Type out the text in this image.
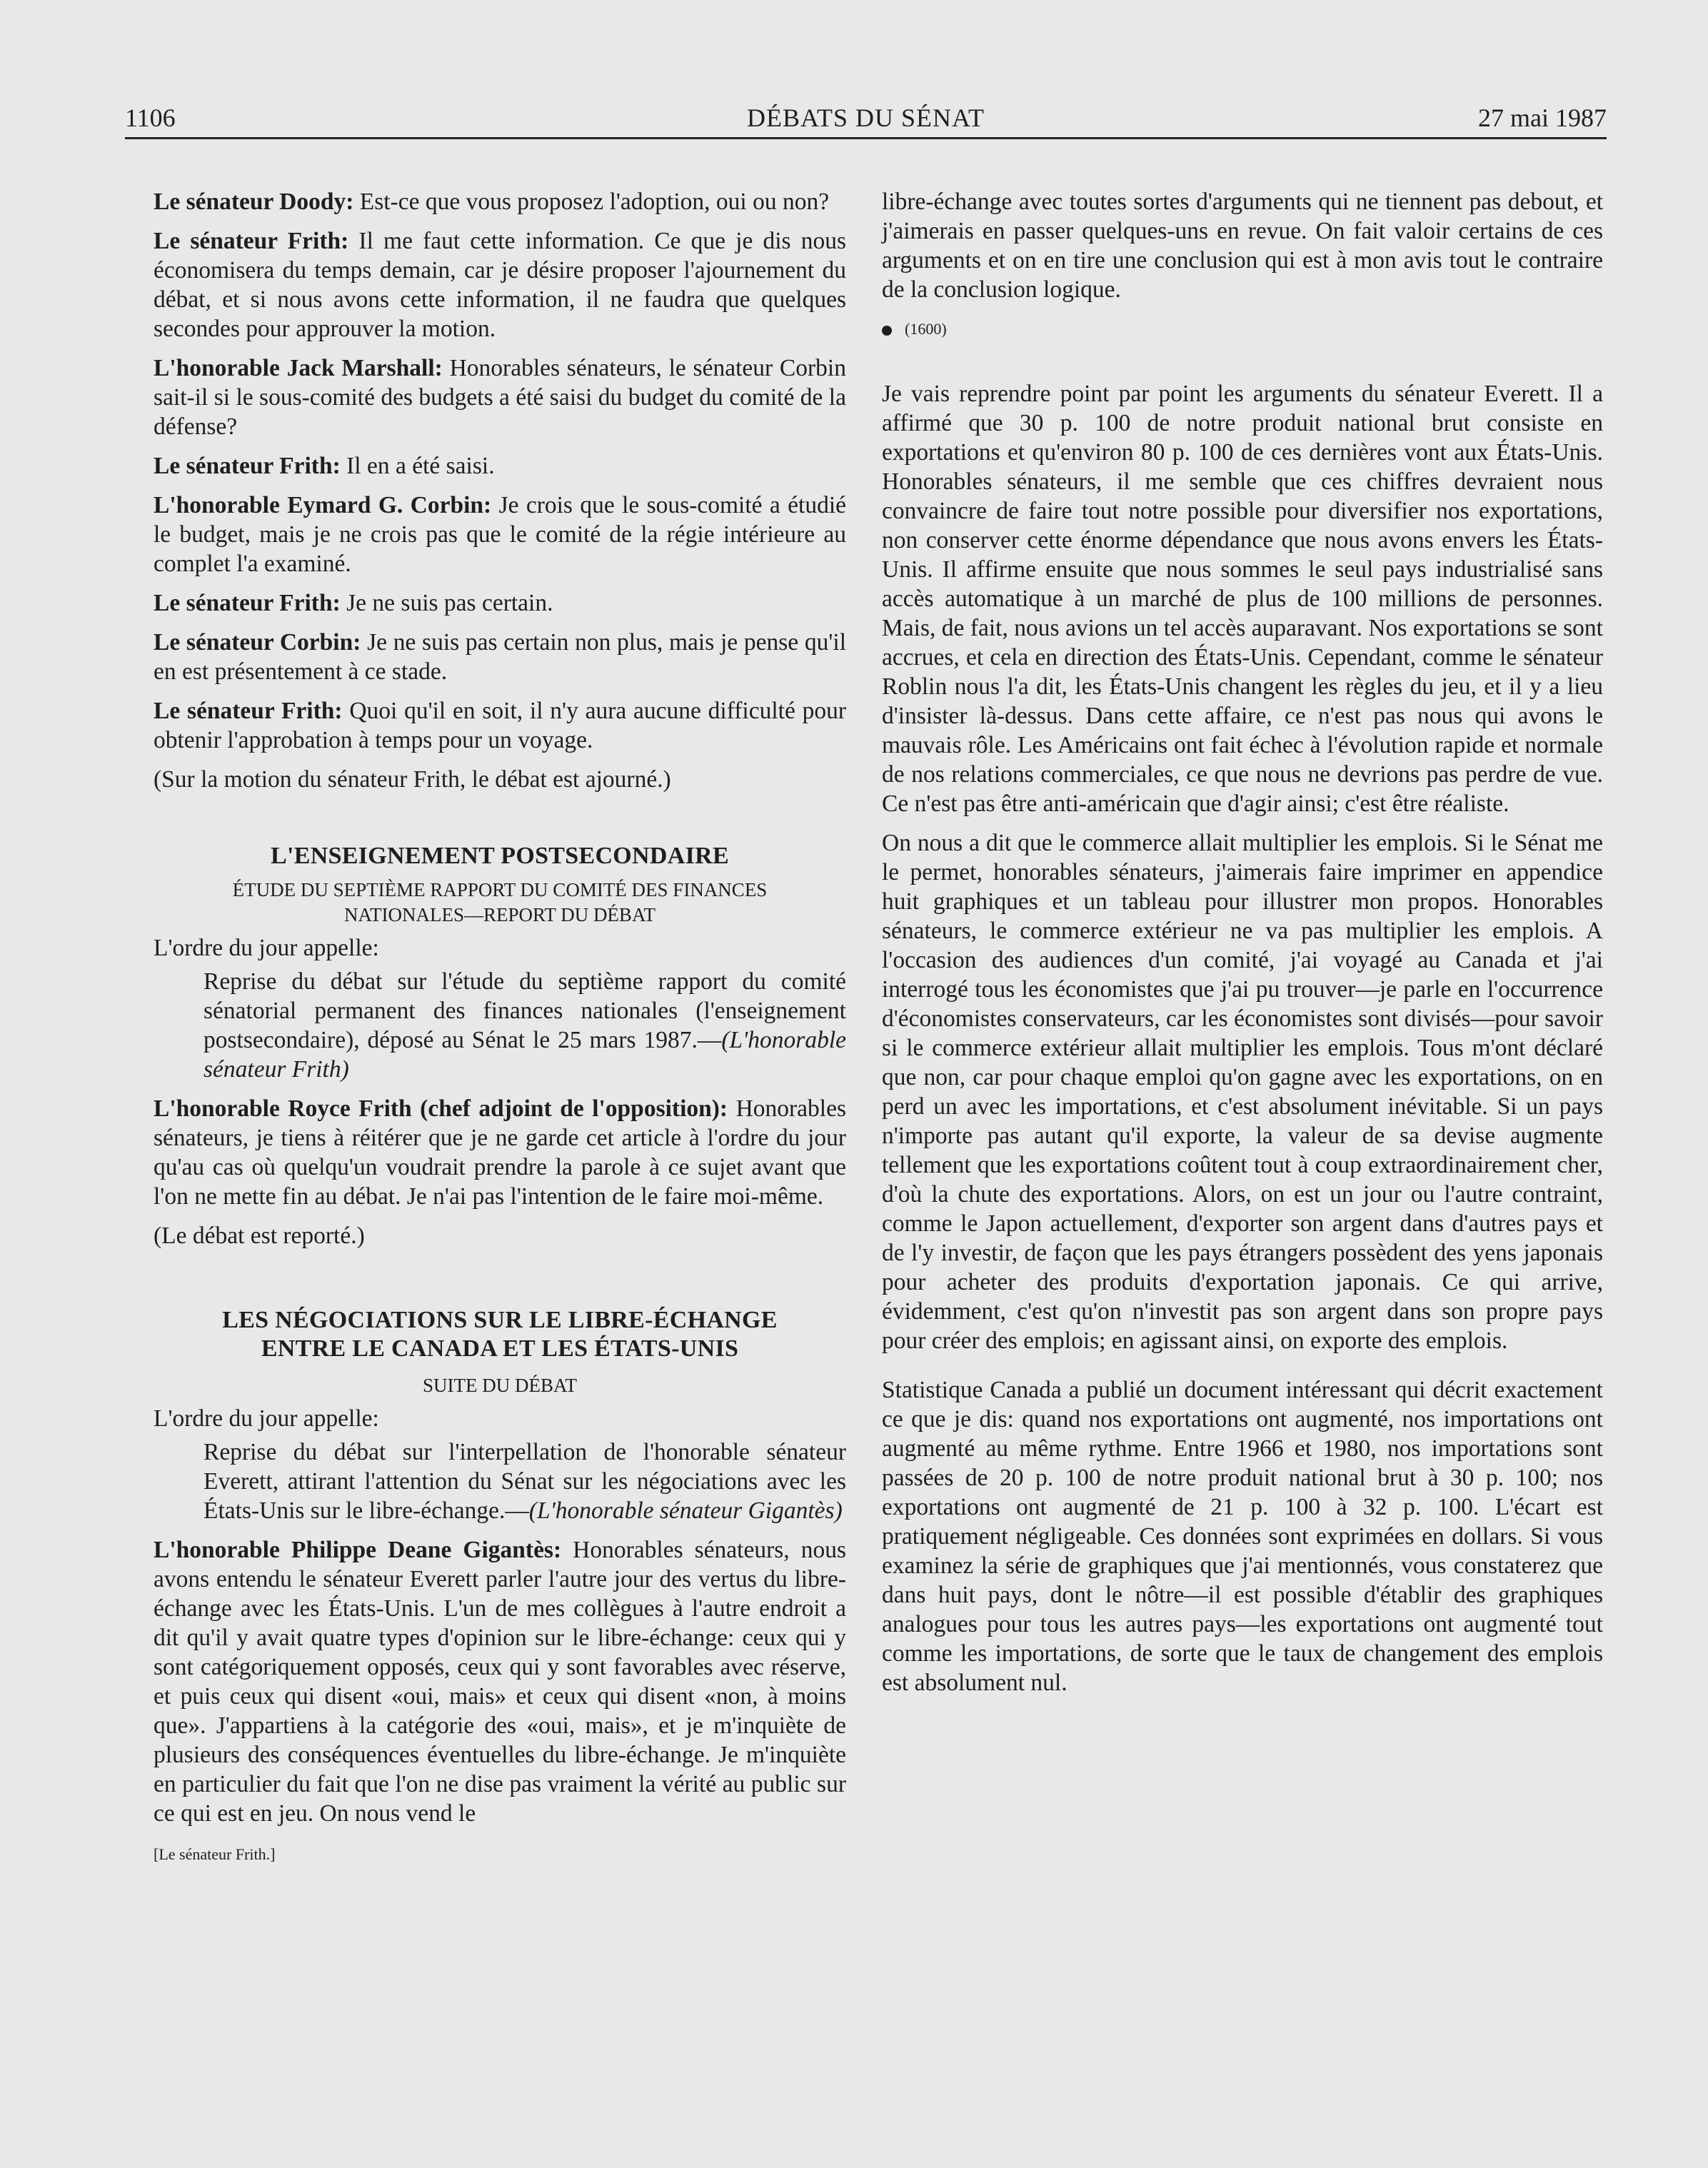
1106	DÉBATS DU SÉNAT	27 mai 1987

Le sénateur Doody: Est-ce que vous proposez l'adoption, oui ou non?

Le sénateur Frith: Il me faut cette information. Ce que je dis nous économisera du temps demain, car je désire proposer l'ajournement du débat, et si nous avons cette information, il ne faudra que quelques secondes pour approuver la motion.

L'honorable Jack Marshall: Honorables sénateurs, le sénateur Corbin sait-il si le sous-comité des budgets a été saisi du budget du comité de la défense?

Le sénateur Frith: Il en a été saisi.

L'honorable Eymard G. Corbin: Je crois que le sous-comité a étudié le budget, mais je ne crois pas que le comité de la régie intérieure au complet l'a examiné.

Le sénateur Frith: Je ne suis pas certain.

Le sénateur Corbin: Je ne suis pas certain non plus, mais je pense qu'il en est présentement à ce stade.

Le sénateur Frith: Quoi qu'il en soit, il n'y aura aucune difficulté pour obtenir l'approbation à temps pour un voyage.

(Sur la motion du sénateur Frith, le débat est ajourné.)

L'ENSEIGNEMENT POSTSECONDAIRE
ÉTUDE DU SEPTIÈME RAPPORT DU COMITÉ DES FINANCES NATIONALES—REPORT DU DÉBAT

L'ordre du jour appelle:

Reprise du débat sur l'étude du septième rapport du comité sénatorial permanent des finances nationales (l'enseignement postsecondaire), déposé au Sénat le 25 mars 1987.—(L'honorable sénateur Frith)

L'honorable Royce Frith (chef adjoint de l'opposition): Honorables sénateurs, je tiens à réitérer que je ne garde cet article à l'ordre du jour qu'au cas où quelqu'un voudrait prendre la parole à ce sujet avant que l'on ne mette fin au débat. Je n'ai pas l'intention de le faire moi-même.

(Le débat est reporté.)

LES NÉGOCIATIONS SUR LE LIBRE-ÉCHANGE
ENTRE LE CANADA ET LES ÉTATS-UNIS
SUITE DU DÉBAT

L'ordre du jour appelle:

Reprise du débat sur l'interpellation de l'honorable sénateur Everett, attirant l'attention du Sénat sur les négociations avec les États-Unis sur le libre-échange.—(L'honorable sénateur Gigantès)

L'honorable Philippe Deane Gigantès: Honorables sénateurs, nous avons entendu le sénateur Everett parler l'autre jour des vertus du libre-échange avec les États-Unis. L'un de mes collègues à l'autre endroit a dit qu'il y avait quatre types d'opinion sur le libre-échange: ceux qui y sont catégoriquement opposés, ceux qui y sont favorables avec réserve, et puis ceux qui disent «oui, mais» et ceux qui disent «non, à moins que». J'appartiens à la catégorie des «oui, mais», et je m'inquiète de plusieurs des conséquences éventuelles du libre-échange. Je m'inquiète en particulier du fait que l'on ne dise pas vraiment la vérité au public sur ce qui est en jeu. On nous vend le

[Le sénateur Frith.]

libre-échange avec toutes sortes d'arguments qui ne tiennent pas debout, et j'aimerais en passer quelques-uns en revue. On fait valoir certains de ces arguments et on en tire une conclusion qui est à mon avis tout le contraire de la conclusion logique.

(1600)

Je vais reprendre point par point les arguments du sénateur Everett. Il a affirmé que 30 p. 100 de notre produit national brut consiste en exportations et qu'environ 80 p. 100 de ces dernières vont aux États-Unis. Honorables sénateurs, il me semble que ces chiffres devraient nous convaincre de faire tout notre possible pour diversifier nos exportations, non conserver cette énorme dépendance que nous avons envers les États-Unis. Il affirme ensuite que nous sommes le seul pays industrialisé sans accès automatique à un marché de plus de 100 millions de personnes. Mais, de fait, nous avions un tel accès auparavant. Nos exportations se sont accrues, et cela en direction des États-Unis. Cependant, comme le sénateur Roblin nous l'a dit, les États-Unis changent les règles du jeu, et il y a lieu d'insister là-dessus. Dans cette affaire, ce n'est pas nous qui avons le mauvais rôle. Les Américains ont fait échec à l'évolution rapide et normale de nos relations commerciales, ce que nous ne devrions pas perdre de vue. Ce n'est pas être anti-américain que d'agir ainsi; c'est être réaliste.

On nous a dit que le commerce allait multiplier les emplois. Si le Sénat me le permet, honorables sénateurs, j'aimerais faire imprimer en appendice huit graphiques et un tableau pour illustrer mon propos. Honorables sénateurs, le commerce extérieur ne va pas multiplier les emplois. A l'occasion des audiences d'un comité, j'ai voyagé au Canada et j'ai interrogé tous les économistes que j'ai pu trouver—je parle en l'occurrence d'économistes conservateurs, car les économistes sont divisés—pour savoir si le commerce extérieur allait multiplier les emplois. Tous m'ont déclaré que non, car pour chaque emploi qu'on gagne avec les exportations, on en perd un avec les importations, et c'est absolument inévitable. Si un pays n'importe pas autant qu'il exporte, la valeur de sa devise augmente tellement que les exportations coûtent tout à coup extraordinairement cher, d'où la chute des exportations. Alors, on est un jour ou l'autre contraint, comme le Japon actuellement, d'exporter son argent dans d'autres pays et de l'y investir, de façon que les pays étrangers possèdent des yens japonais pour acheter des produits d'exportation japonais. Ce qui arrive, évidemment, c'est qu'on n'investit pas son argent dans son propre pays pour créer des emplois; en agissant ainsi, on exporte des emplois.

Statistique Canada a publié un document intéressant qui décrit exactement ce que je dis: quand nos exportations ont augmenté, nos importations ont augmenté au même rythme. Entre 1966 et 1980, nos importations sont passées de 20 p. 100 de notre produit national brut à 30 p. 100; nos exportations ont augmenté de 21 p. 100 à 32 p. 100. L'écart est pratiquement négligeable. Ces données sont exprimées en dollars. Si vous examinez la série de graphiques que j'ai mentionnés, vous constaterez que dans huit pays, dont le nôtre—il est possible d'établir des graphiques analogues pour tous les autres pays—les exportations ont augmenté tout comme les importations, de sorte que le taux de changement des emplois est absolument nul.
